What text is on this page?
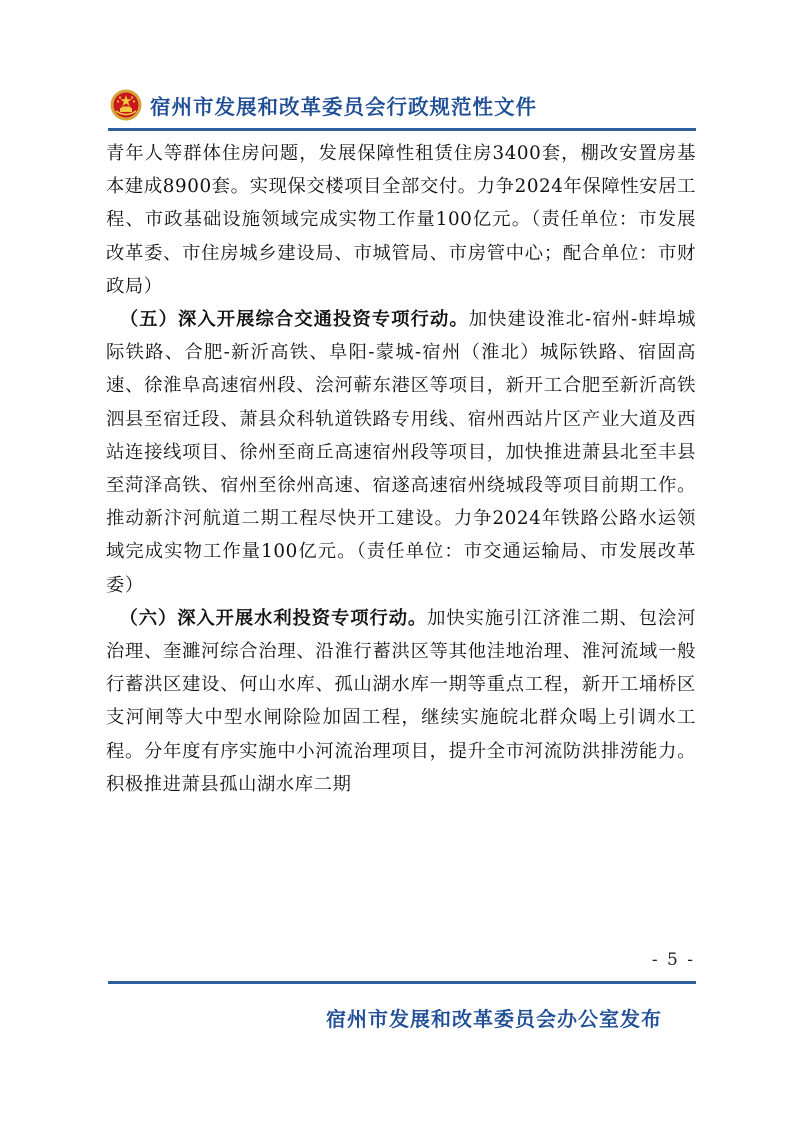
宿州市发展和改革委员会行政规范性文件

青年人等群体住房问题，发展保障性租赁住房3400套，棚改安置房基本建成8900套。实现保交楼项目全部交付。力争2024年保障性安居工程、市政基础设施领域完成实物工作量100亿元。（责任单位：市发展改革委、市住房城乡建设局、市城管局、市房管中心；配合单位：市财政局）

（五）深入开展综合交通投资专项行动。加快建设淮北-宿州-蚌埠城际铁路、合肥-新沂高铁、阜阳-蒙城-宿州（淮北）城际铁路、宿固高速、徐淮阜高速宿州段、浍河蕲东港区等项目，新开工合肥至新沂高铁泗县至宿迁段、萧县众科轨道铁路专用线、宿州西站片区产业大道及西站连接线项目、徐州至商丘高速宿州段等项目，加快推进萧县北至丰县至菏泽高铁、宿州至徐州高速、宿遂高速宿州绕城段等项目前期工作。推动新汴河航道二期工程尽快开工建设。力争2024年铁路公路水运领域完成实物工作量100亿元。（责任单位：市交通运输局、市发展改革委）

（六）深入开展水利投资专项行动。加快实施引江济淮二期、包浍河治理、奎濉河综合治理、沿淮行蓄洪区等其他洼地治理、淮河流域一般行蓄洪区建设、何山水库、孤山湖水库一期等重点工程，新开工埇桥区支河闸等大中型水闸除险加固工程，继续实施皖北群众喝上引调水工程。分年度有序实施中小河流治理项目，提升全市河流防洪排涝能力。积极推进萧县孤山湖水库二期

- 5 -
宿州市发展和改革委员会办公室发布
